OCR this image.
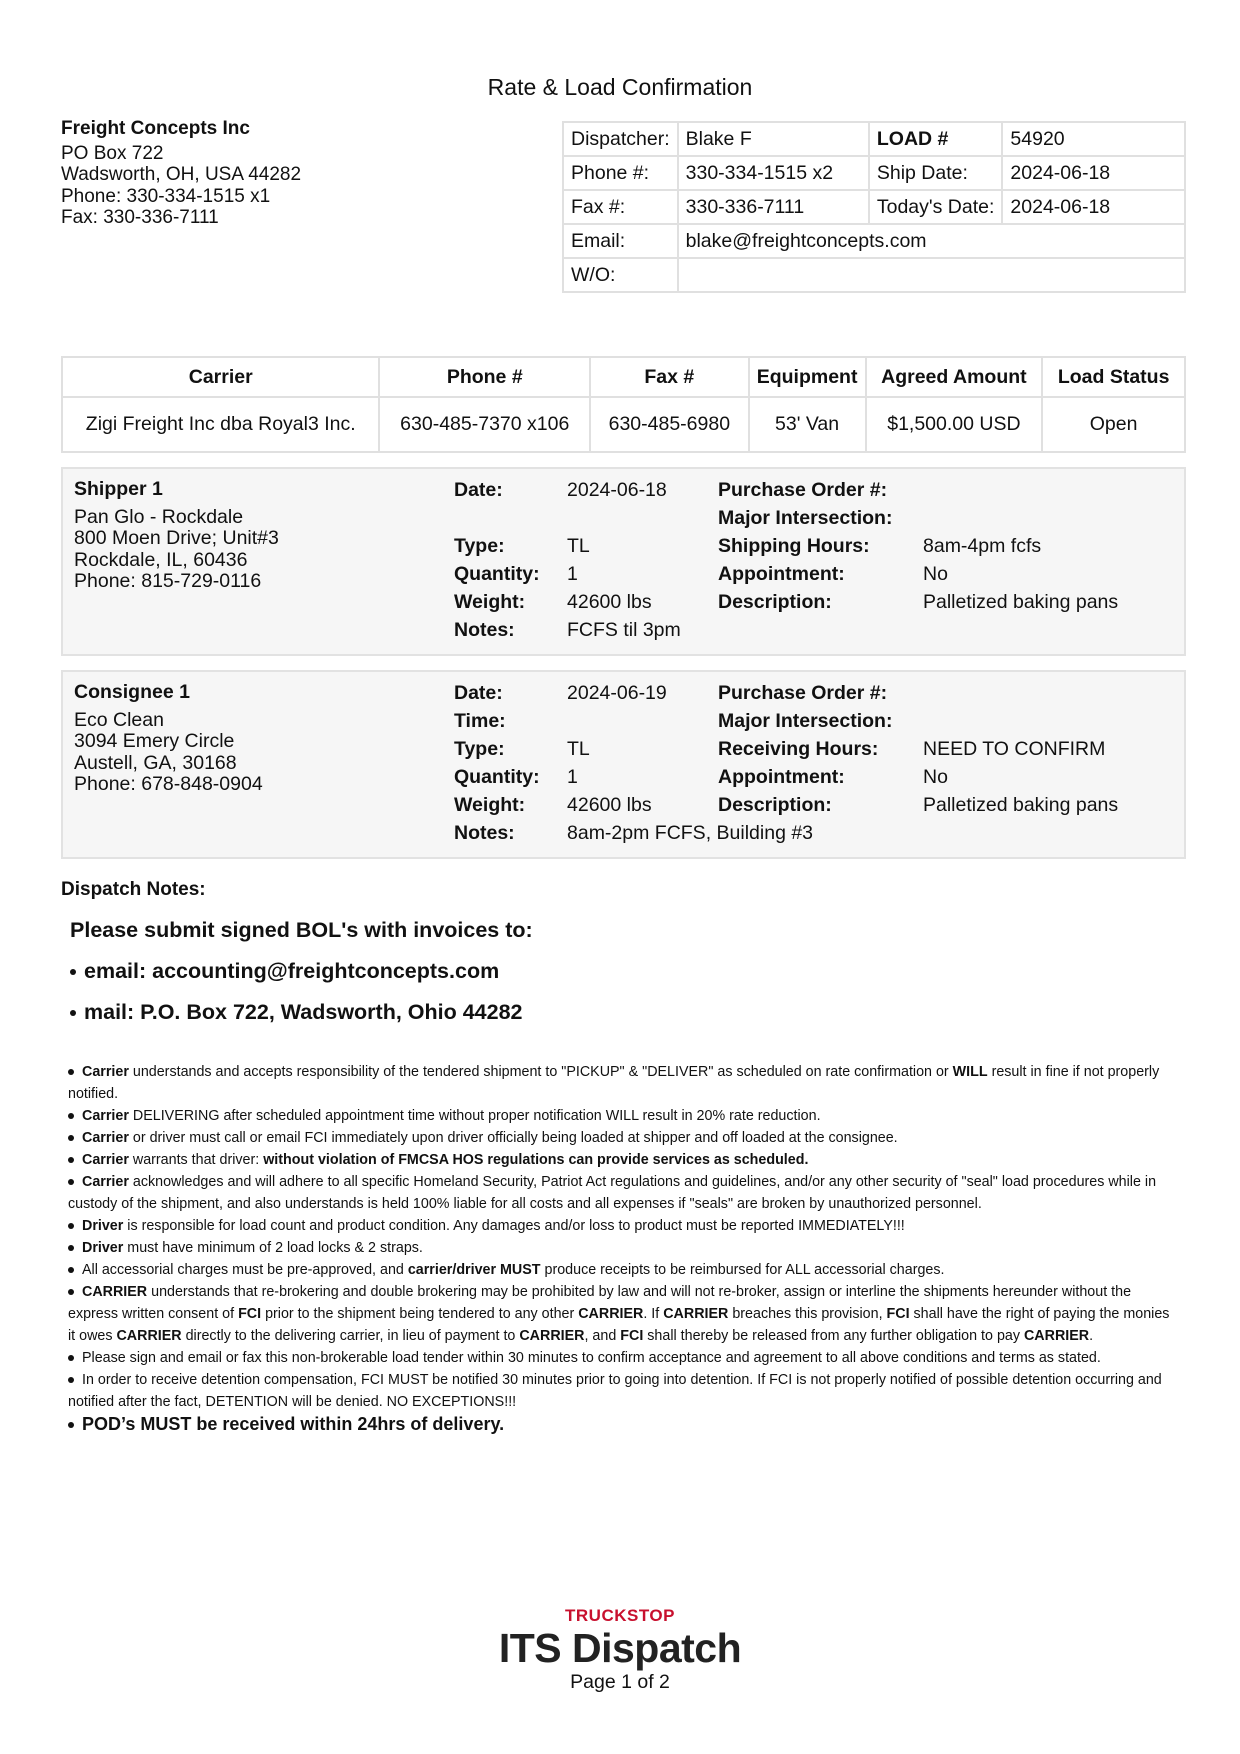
Rate & Load Confirmation
Freight Concepts Inc
PO Box 722
Wadsworth, OH, USA 44282
Phone: 330-334-1515 x1
Fax: 330-336-7111
Dispatcher:	Blake F	LOAD #	54920
Phone #:	330-334-1515 x2	Ship Date:	2024-06-18
Fax #:	330-336-7111	Today's Date:	2024-06-18
Email:	blake@freightconcepts.com		
W/O:			
Carrier	Phone #	Fax #	Equipment	Agreed Amount	Load Status
Zigi Freight Inc dba Royal3 Inc.	630-485-7370 x106	630-485-6980	53' Van	$1,500.00 USD	Open
Shipper 1
Pan Glo - Rockdale
800 Moen Drive; Unit#3
Rockdale, IL, 60436
Phone: 815-729-0116
Date:	2024-06-18	Purchase Order #:
Major Intersection:
Type:	TL	Shipping Hours:	8am-4pm fcfs
Quantity: 1	Appointment:	No
Weight: 42600 lbs	Description:	Palletized baking pans
Notes:	FCFS til 3pm
Consignee 1
Eco Clean
3094 Emery Circle
Austell, GA, 30168
Phone: 678-848-0904
Date:	2024-06-19	Purchase Order #:
Time:	Major Intersection:
Type:	TL	Receiving Hours: NEED TO CONFIRM
Quantity: 1	Appointment:	No
Weight: 42600 lbs	Description:	Palletized baking pans
Notes:	8am-2pm FCFS, Building #3
Dispatch Notes:
Please submit signed BOL's with invoices to:
email: accounting@freightconcepts.com
mail: P.O. Box 722, Wadsworth, Ohio 44282

Carrier understands and accepts responsibility of the tendered shipment to "PICKUP" & "DELIVER" as scheduled on rate confirmation or WILL result in fine if not properly notified.

Carrier DELIVERING after scheduled appointment time without proper notification WILL result in 20% rate reduction.

Carrier or driver must call or email FCI immediately upon driver officially being loaded at shipper and off loaded at the consignee.

Carrier warrants that driver: without violation of FMCSA HOS regulations can provide services as scheduled.

Carrier acknowledges and will adhere to all specific Homeland Security, Patriot Act regulations and guidelines, and/or any other security of "seal" load procedures while in custody of the shipment, and also understands is held 100% liable for all costs and all expenses if "seals" are broken by unauthorized personnel.

Driver is responsible for load count and product condition. Any damages and/or loss to product must be reported IMMEDIATELY!!!

Driver must have minimum of 2 load locks & 2 straps.

All accessorial charges must be pre-approved, and carrier/driver MUST produce receipts to be reimbursed for ALL accessorial charges.

CARRIER understands that re-brokering and double brokering may be prohibited by law and will not re-broker, assign or interline the shipments hereunder without the express written consent of FCI prior to the shipment being tendered to any other CARRIER. If CARRIER breaches this provision, FCI shall have the right of paying the monies it owes CARRIER directly to the delivering carrier, in lieu of payment to CARRIER, and FCI shall thereby be released from any further obligation to pay CARRIER.

Please sign and email or fax this non-brokerable load tender within 30 minutes to confirm acceptance and agreement to all above conditions and terms as stated.

In order to receive detention compensation, FCI MUST be notified 30 minutes prior to going into detention. If FCI is not properly notified of possible detention occurring and notified after the fact, DETENTION will be denied. NO EXCEPTIONS!!!

POD’s MUST be received within 24hrs of delivery.

TRUCKSTOP
ITS Dispatch
Page 1 of 2
